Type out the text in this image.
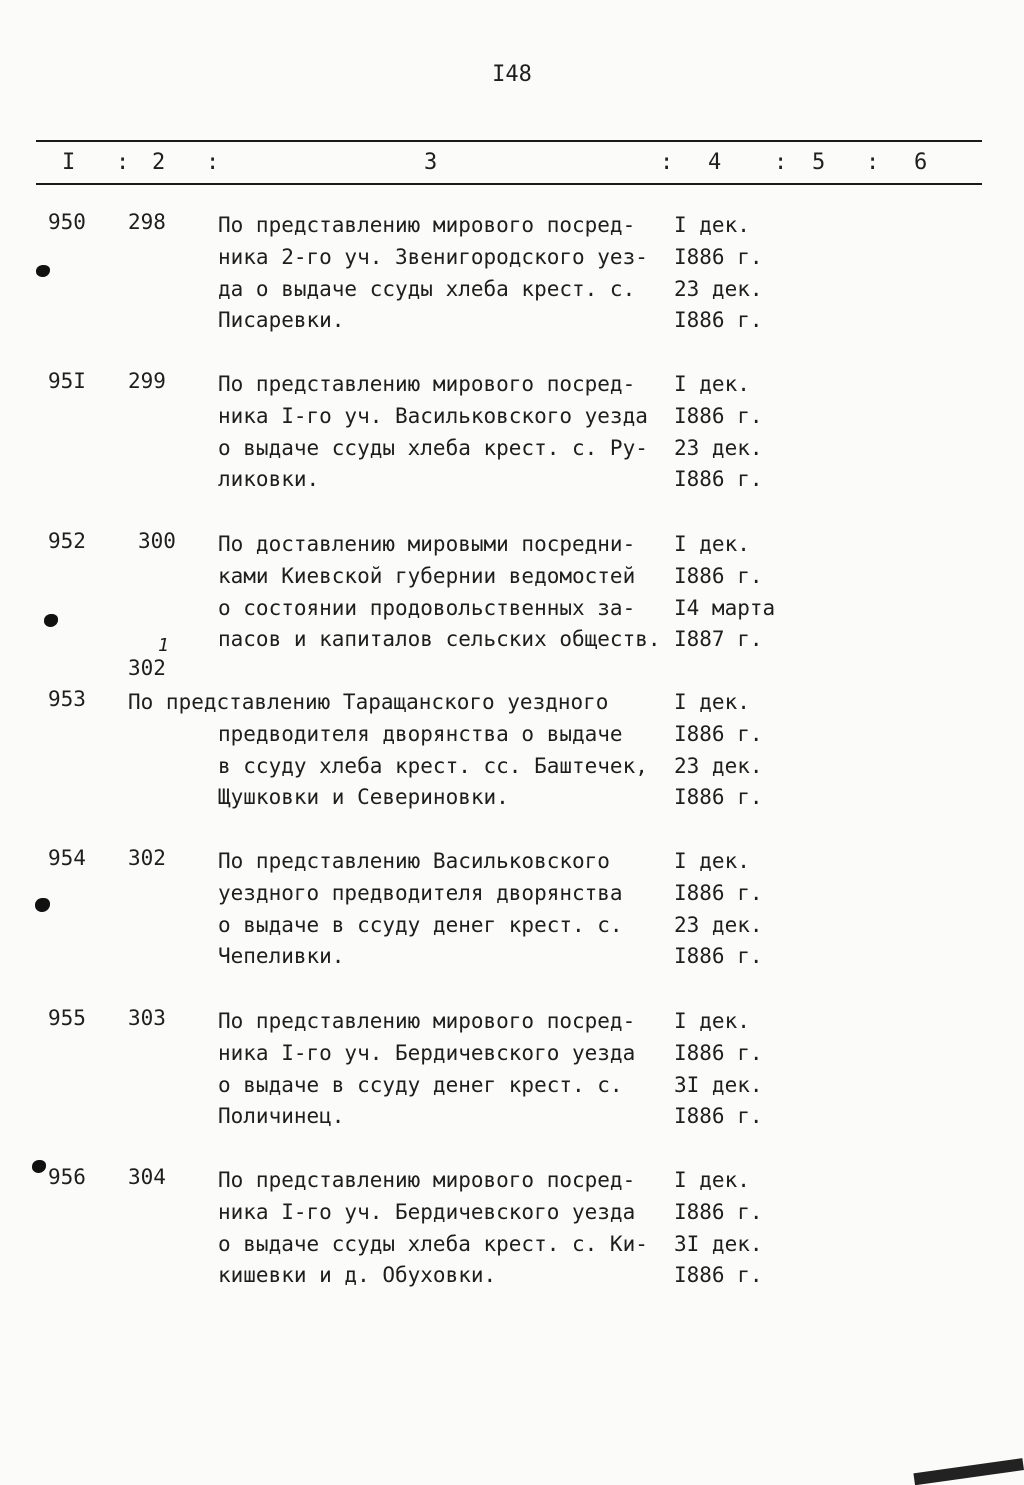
I48
I : 2 :	3	: 4 : 5 : 6
950 298 По представлению мирового посред-
ника 2-го уч. Звенигородского уез-
да о выдаче ссуды хлеба крест. с.
Писаревки.
I дек.
I886 г.
23 дек.
I886 г.
95I 299 По представлению мирового посред-
ника I-го уч. Васильковского уезда
о выдаче ссуды хлеба крест. с. Ру-
ликовки.
I дек.
I886 г.
23 дек.
I886 г.
952 300 По доставлению мировыми посредни-
ками Киевской губернии ведомостей
о состоянии продовольственных за-
пасов и капиталов сельских обществ.
I дек.
I886 г.
I4 марта
I887 г.
1
302
953 По представлению Таращанского уездного
предводителя дворянства о выдаче
в ссуду хлеба крест. сс. Баштечек,
Щушковки и Севериновки.
I дек.
I886 г.
23 дек.
I886 г.
954 302 По представлению Васильковского
уездного предводителя дворянства
о выдаче в ссуду денег крест. с.
Чепеливки.
I дек.
I886 г.
23 дек.
I886 г.
955 303 По представлению мирового посред-
ника I-го уч. Бердичевского уезда
о выдаче в ссуду денег крест. с.
Поличинец.
I дек.
I886 г.
3I дек.
I886 г.
956 304 По представлению мирового посред-
ника I-го уч. Бердичевского уезда
о выдаче ссуды хлеба крест. с. Ки-
кишевки и д. Обуховки.
I дек.
I886 г.
3I дек.
I886 г.
